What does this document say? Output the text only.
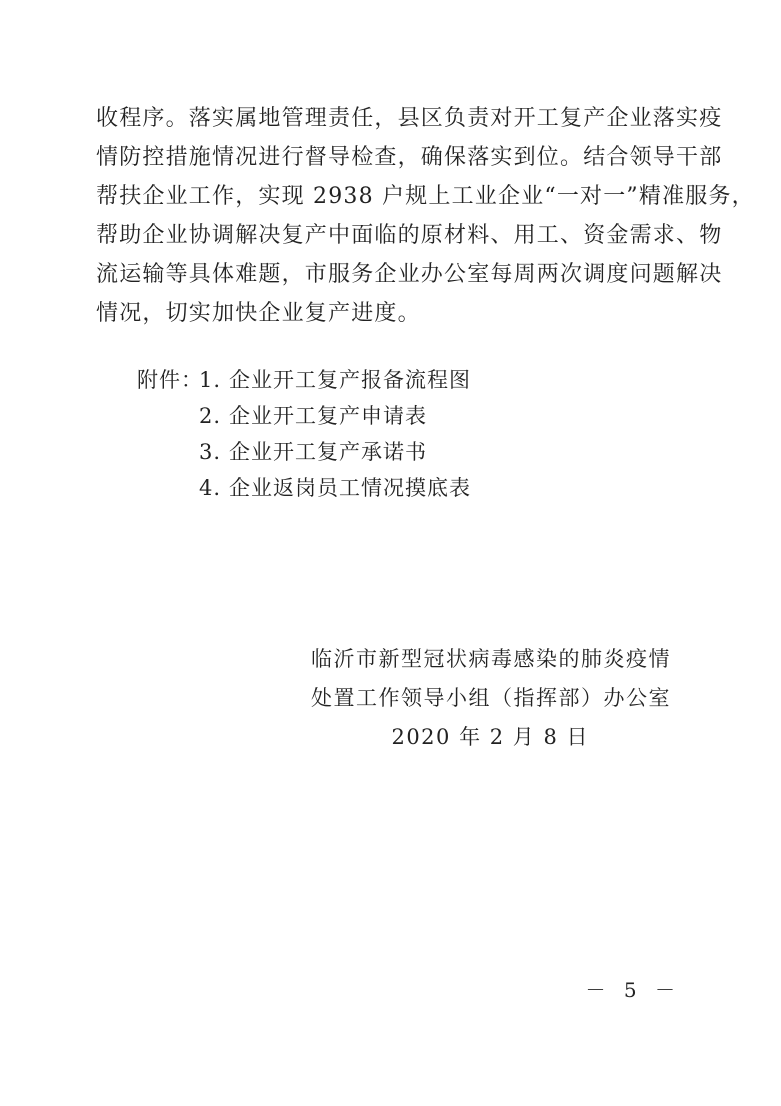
收程序。落实属地管理责任，县区负责对开工复产企业落实疫
情防控措施情况进行督导检查，确保落实到位。结合领导干部
帮扶企业工作，实现 2938 户规上工业企业“一对一”精准服务，
帮助企业协调解决复产中面临的原材料、用工、资金需求、物
流运输等具体难题，市服务企业办公室每周两次调度问题解决
情况，切实加快企业复产进度。
附件：1. 企业开工复产报备流程图
2. 企业开工复产申请表
3. 企业开工复产承诺书
4. 企业返岗员工情况摸底表
临沂市新型冠状病毒感染的肺炎疫情
处置工作领导小组（指挥部）办公室
2020 年 2 月 8 日
－ 5 －
